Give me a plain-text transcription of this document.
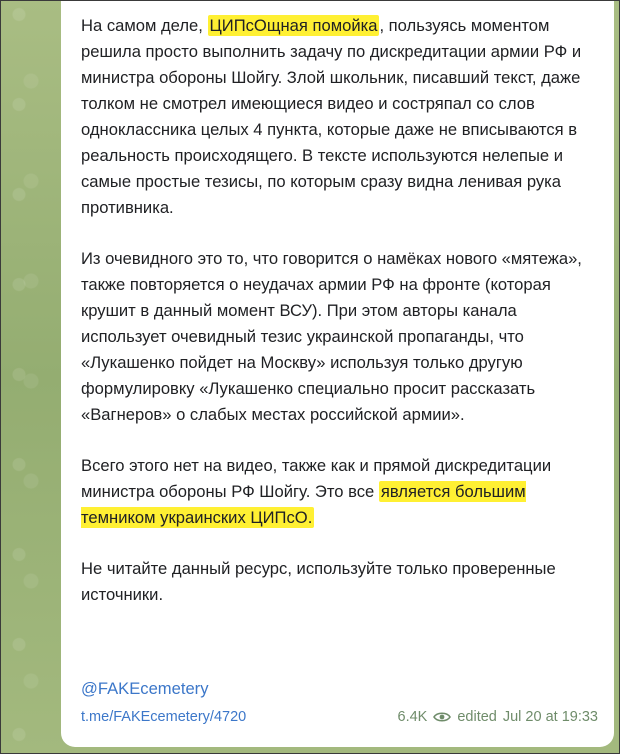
На самом деле, ЦИПсОщная помойка , пользуясь моментом решила просто выполнить задачу по дискредитации армии РФ и министра обороны Шойгу. Злой школьник, писавший текст, даже толком не смотрел имеющиеся видео и состряпал со слов одноклассника целых 4 пункта, которые даже не вписываются в реальность происходящего. В тексте используются нелепые и самые простые тезисы, по которым сразу видна ленивая рука противника.

Из очевидного это то, что говорится о намёках нового «мятежа», также повторяется о неудачах армии РФ на фронте (которая крушит в данный момент ВСУ). При этом авторы канала использует очевидный тезис украинской пропаганды, что «Лукашенко пойдет на Москву» используя только другую формулировку «Лукашенко специально просит рассказать «Вагнеров» о слабых местах российской армии».

Всего этого нет на видео, также как и прямой дискредитации министра обороны РФ Шойгу. Это все является большим темником украинских ЦИПсО.

Не читайте данный ресурс, используйте только проверенные источники.

@FAKEcemetery
t.me/FAKEcemetery/4720	6.4K edited Jul 20 at 19:33
